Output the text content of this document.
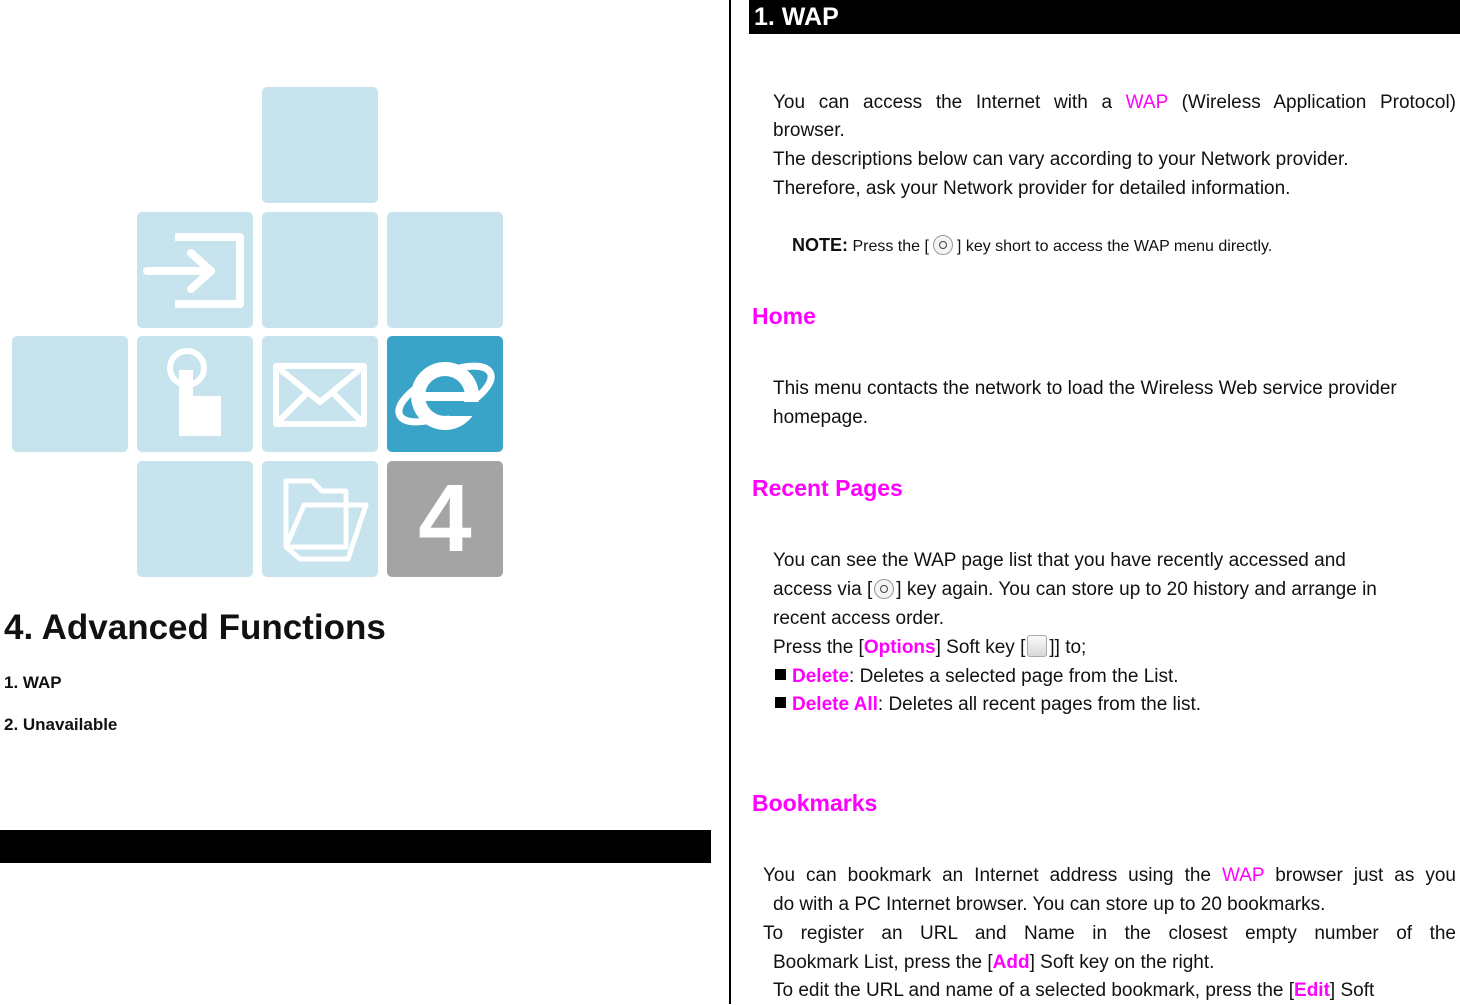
4
4. Advanced Functions
1. WAP
2. Unavailable
1. WAP

You can access the Internet with a WAP (Wireless Application Protocol)

browser.

The descriptions below can vary according to your Network provider.

Therefore, ask your Network provider for detailed information.

NOTE: Press the [ ] key short to access the WAP menu directly.
Home

This menu contacts the network to load the Wireless Web service provider

homepage.

Recent Pages

You can see the WAP page list that you have recently accessed and

access via [ ] key again. You can store up to 20 history and arrange in

recent access order.

Press the [Options] Soft key [ ]] to;

Delete: Deletes a selected page from the List.

Delete All: Deletes all recent pages from the list.

Bookmarks

You can bookmark an Internet address using the WAP browser just as you

do with a PC Internet browser. You can store up to 20 bookmarks.

To register an URL and Name in the closest empty number of the

Bookmark List, press the [Add] Soft key on the right.

To edit the URL and name of a selected bookmark, press the [Edit] Soft
